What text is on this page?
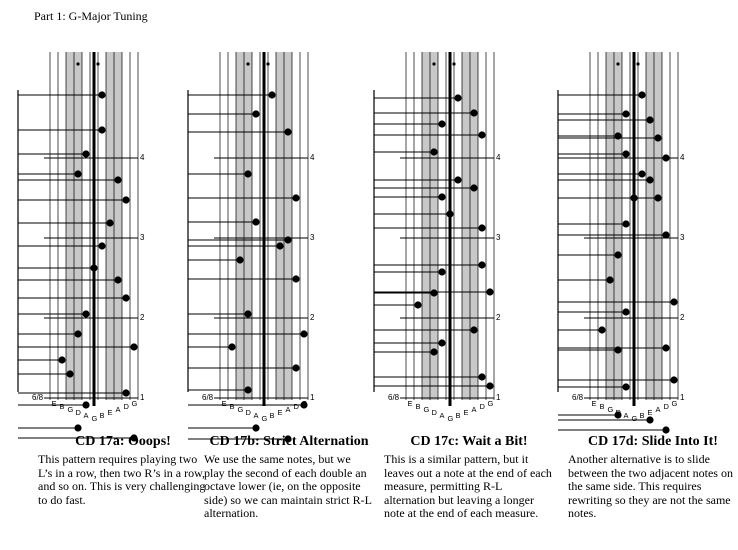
Part 1: G-Major Tuning
4
3
2
1
6/8
E B G D A G B E A D G
CD 17a: Ooops!

This pattern requires playing two L’s in a row, then two R’s in a row, and so on. This is very challenging to do fast.

4
3
2
1
6/8
E B G D A G B E A D G
CD 17b: Strict Alternation

We use the same notes, but we play the second of each double an octave lower (ie, on the opposite side) so we can maintain strict R-L alternation.

4
3
2
1
6/8
E B G D A G B E A D G
CD 17c: Wait a Bit!

This is a similar pattern, but it leaves out a note at the end of each measure, permitting R-L alternation but leaving a longer note at the end of each measure.

4
3
2
1
6/8
E B G D A G B E A D G
CD 17d: Slide Into It!

Another alternative is to slide between the two adjacent notes on the same side. This requires rewriting so they are not the same notes.
